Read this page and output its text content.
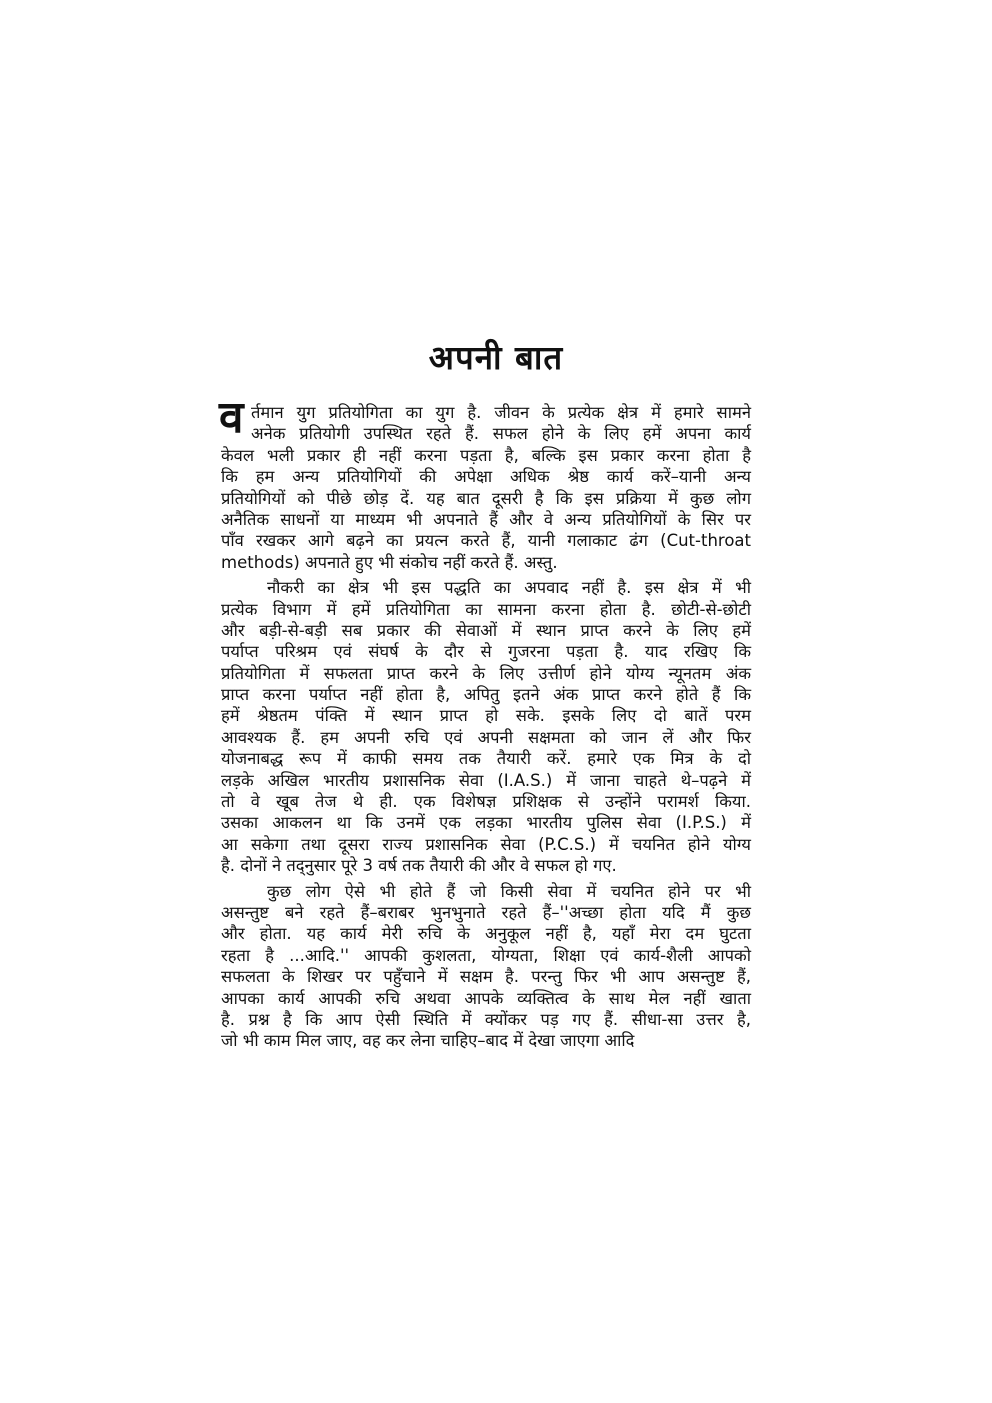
अपनी बात
व र्तमान युग प्रतियोगिता का युग है. जीवन के प्रत्येक क्षेत्र में हमारे सामने
अनेक प्रतियोगी उपस्थित रहते हैं. सफल होने के लिए हमें अपना कार्य
केवल भली प्रकार ही नहीं करना पड़ता है, बल्कि इस प्रकार करना होता है
कि हम अन्य प्रतियोगियों की अपेक्षा अधिक श्रेष्ठ कार्य करें–यानी अन्य
प्रतियोगियों को पीछे छोड़ दें. यह बात दूसरी है कि इस प्रक्रिया में कुछ लोग
अनैतिक साधनों या माध्यम भी अपनाते हैं और वे अन्य प्रतियोगियों के सिर पर
पाँव रखकर आगे बढ़ने का प्रयत्न करते हैं, यानी गलाकाट ढंग (Cut-throat
methods) अपनाते हुए भी संकोच नहीं करते हैं. अस्तु.
नौकरी का क्षेत्र भी इस पद्धति का अपवाद नहीं है. इस क्षेत्र में भी
प्रत्येक विभाग में हमें प्रतियोगिता का सामना करना होता है. छोटी-से-छोटी
और बड़ी-से-बड़ी सब प्रकार की सेवाओं में स्थान प्राप्त करने के लिए हमें
पर्याप्त परिश्रम एवं संघर्ष के दौर से गुजरना पड़ता है. याद रखिए कि
प्रतियोगिता में सफलता प्राप्त करने के लिए उत्तीर्ण होने योग्य न्यूनतम अंक
प्राप्त करना पर्याप्त नहीं होता है, अपितु इतने अंक प्राप्त करने होते हैं कि
हमें श्रेष्ठतम पंक्ति में स्थान प्राप्त हो सके. इसके लिए दो बातें परम
आवश्यक हैं. हम अपनी रुचि एवं अपनी सक्षमता को जान लें और फिर
योजनाबद्ध रूप में काफी समय तक तैयारी करें. हमारे एक मित्र के दो
लड़के अखिल भारतीय प्रशासनिक सेवा (I.A.S.) में जाना चाहते थे–पढ़ने में
तो वे खूब तेज थे ही. एक विशेषज्ञ प्रशिक्षक से उन्होंने परामर्श किया.
उसका आकलन था कि उनमें एक लड़का भारतीय पुलिस सेवा (I.P.S.) में
आ सकेगा तथा दूसरा राज्य प्रशासनिक सेवा (P.C.S.) में चयनित होने योग्य
है. दोनों ने तद्नुसार पूरे 3 वर्ष तक तैयारी की और वे सफल हो गए.
कुछ लोग ऐसे भी होते हैं जो किसी सेवा में चयनित होने पर भी
असन्तुष्ट बने रहते हैं–बराबर भुनभुनाते रहते हैं–''अच्छा होता यदि मैं कुछ
और होता. यह कार्य मेरी रुचि के अनुकूल नहीं है, यहाँ मेरा दम घुटता
रहता है ...आदि.'' आपकी कुशलता, योग्यता, शिक्षा एवं कार्य-शैली आपको
सफलता के शिखर पर पहुँचाने में सक्षम है. परन्तु फिर भी आप असन्तुष्ट हैं,
आपका कार्य आपकी रुचि अथवा आपके व्यक्तित्व के साथ मेल नहीं खाता
है. प्रश्न है कि आप ऐसी स्थिति में क्योंकर पड़ गए हैं. सीधा-सा उत्तर है,
जो भी काम मिल जाए, वह कर लेना चाहिए–बाद में देखा जाएगा आदि
